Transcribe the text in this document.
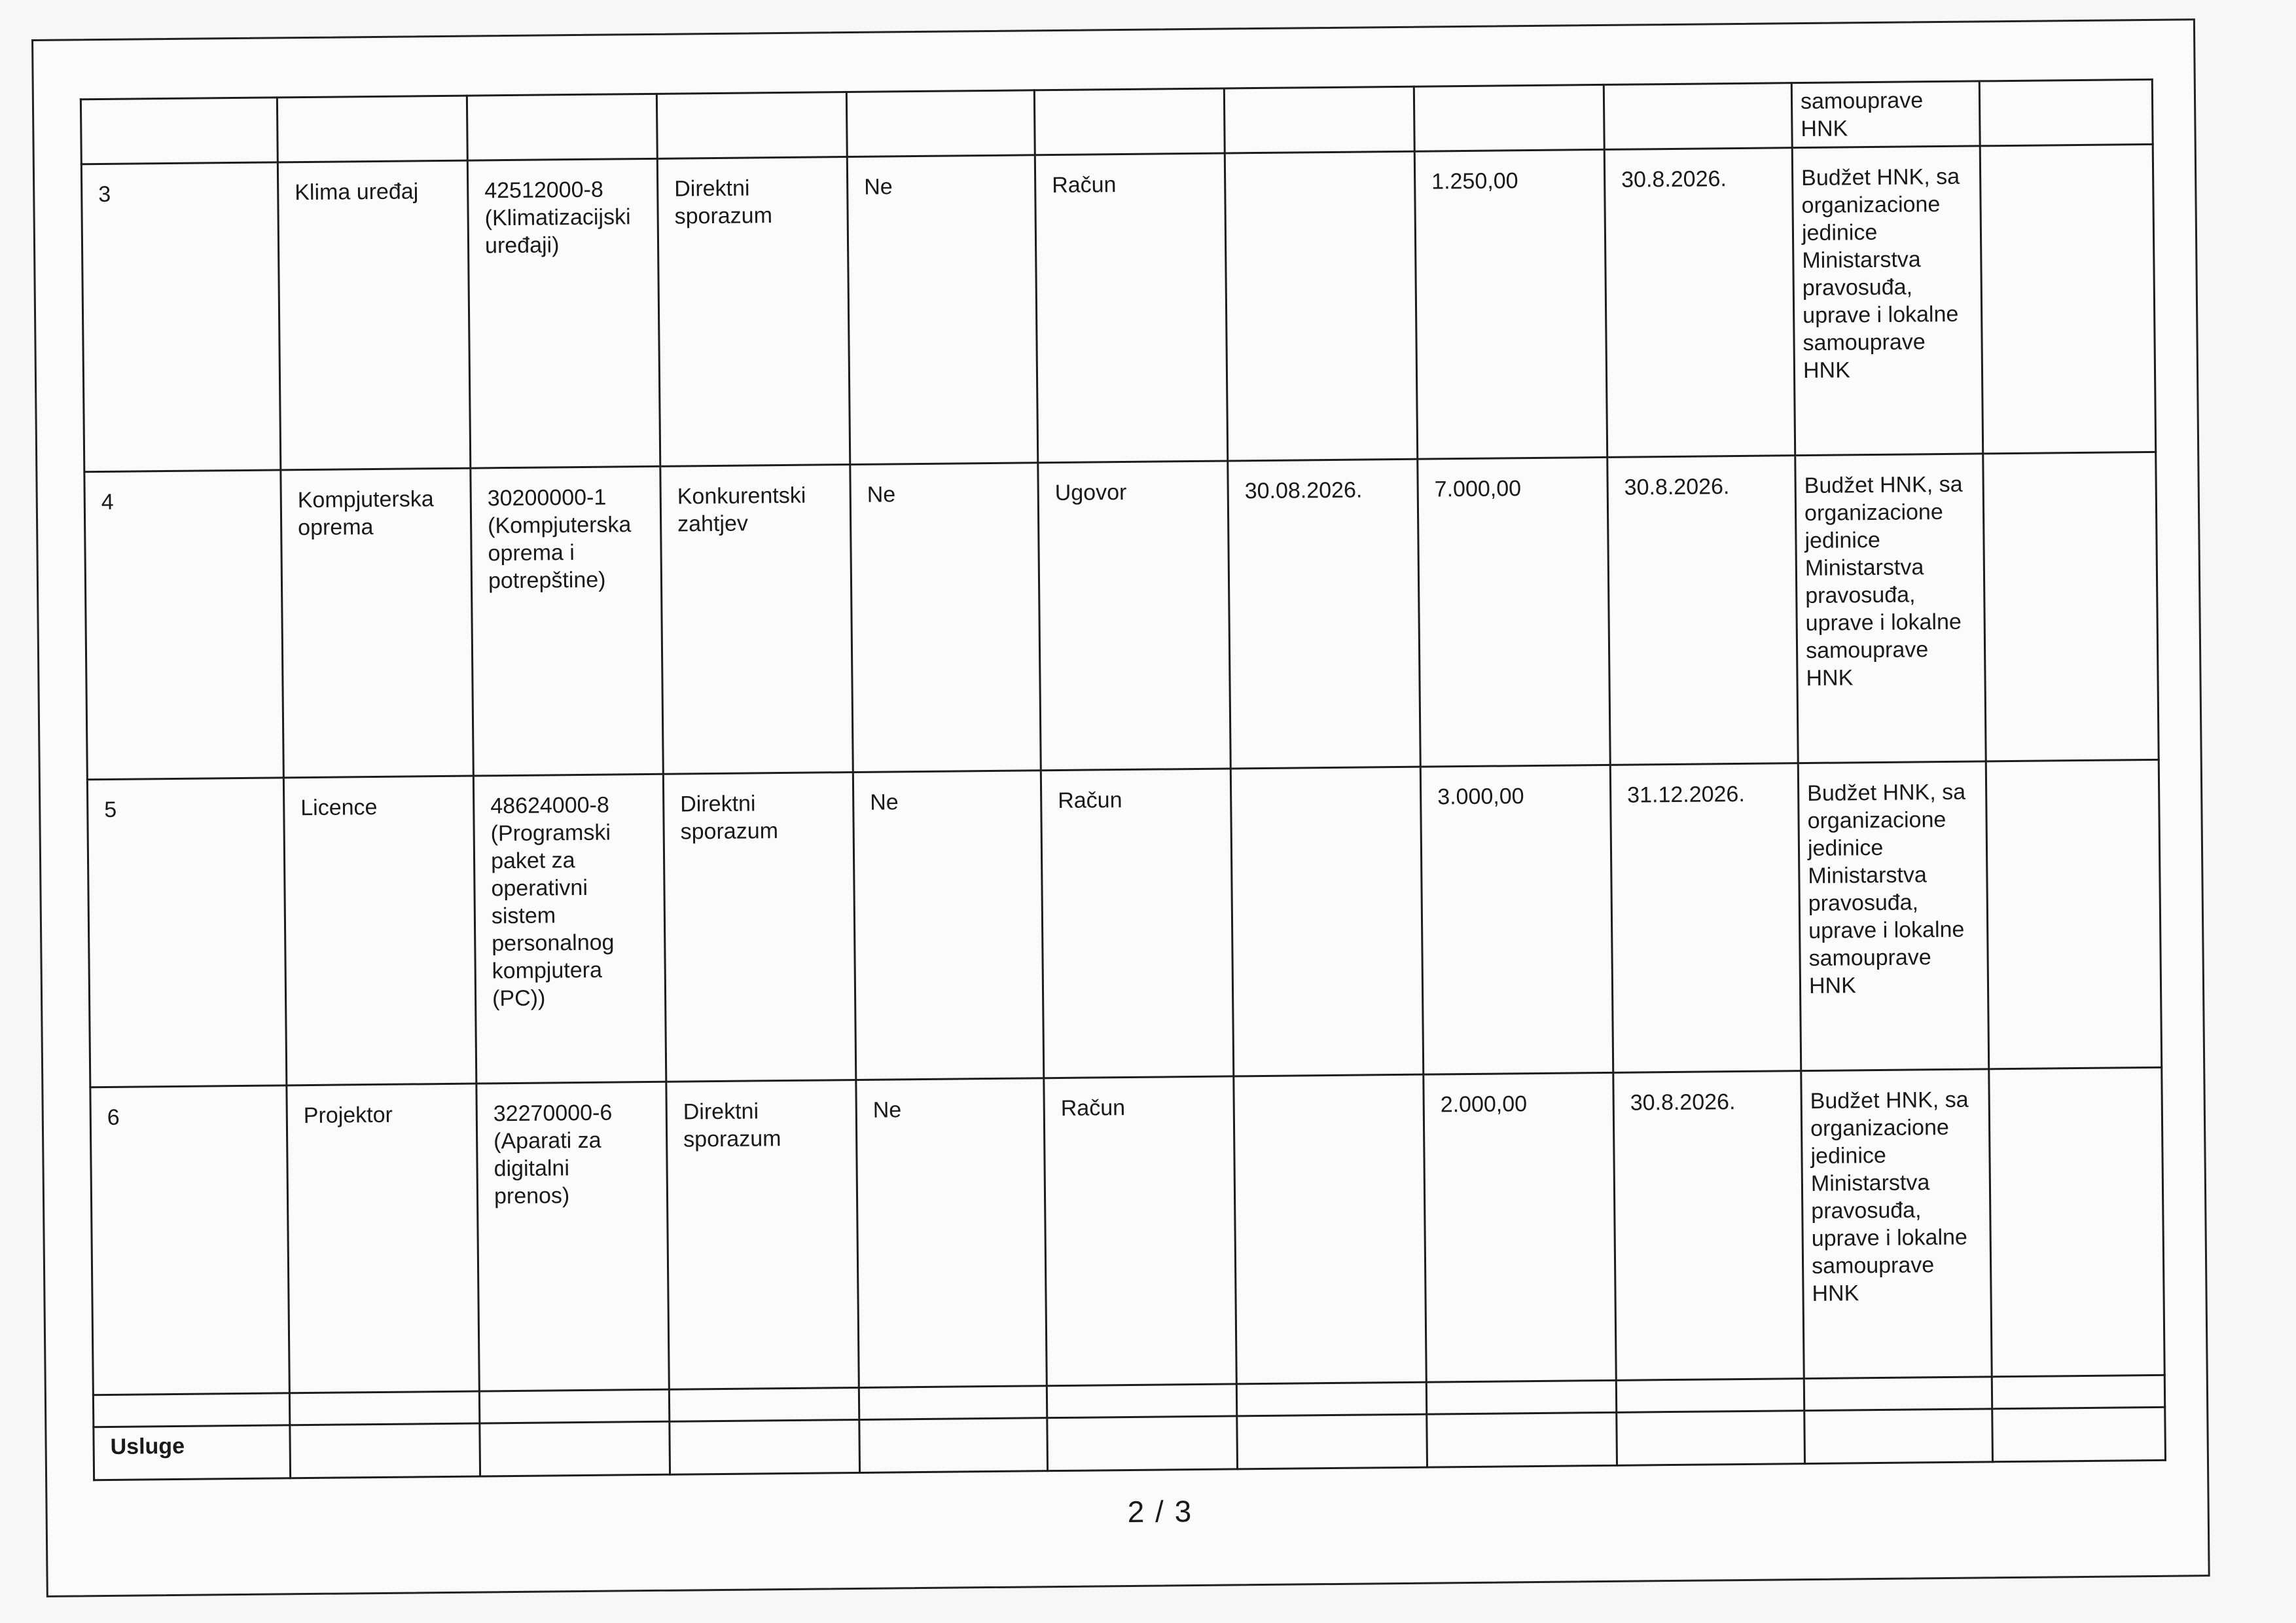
									samouprave
HNK	
3	Klima uređaj	42512000-8 (Klimatizacijski uređaji)	Direktni sporazum	Ne	Račun		1.250,00	30.8.2026.	Budžet HNK, sa organizacione jedinice Ministarstva pravosuđa, uprave i lokalne samouprave HNK	
4	Kompjuterska oprema	30200000-1 (Kompjuterska oprema i potrepštine)	Konkurentski zahtjev	Ne	Ugovor	30.08.2026.	7.000,00	30.8.2026.	Budžet HNK, sa organizacione jedinice Ministarstva pravosuđa, uprave i lokalne samouprave HNK	
5	Licence	48624000-8 (Programski paket za operativni sistem personalnog kompjutera (PC))	Direktni sporazum	Ne	Račun		3.000,00	31.12.2026.	Budžet HNK, sa organizacione jedinice Ministarstva pravosuđa, uprave i lokalne samouprave HNK	
6	Projektor	32270000-6 (Aparati za digitalni prenos)	Direktni sporazum	Ne	Račun		2.000,00	30.8.2026.	Budžet HNK, sa organizacione jedinice Ministarstva pravosuđa, uprave i lokalne samouprave HNK	

Usluge										
2 / 3
